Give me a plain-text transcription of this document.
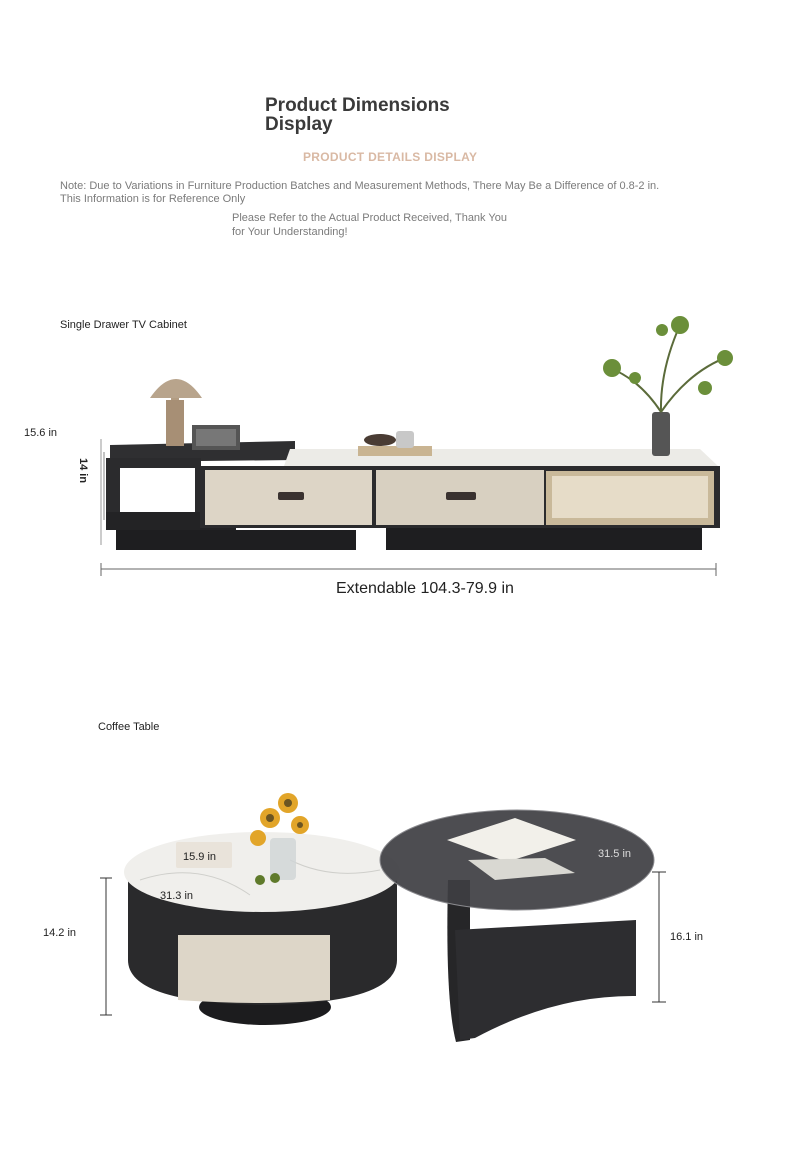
Product Dimensions
Display
PRODUCT DETAILS DISPLAY
Note: Due to Variations in Furniture Production Batches and Measurement Methods, There May Be a Difference of 0.8-2 in.
This Information is for Reference Only
Please Refer to the Actual Product Received, Thank You
for Your Understanding!
Single Drawer TV Cabinet
15.6 in
14 in
Extendable 104.3-79.9 in
Coffee Table
15.9 in
31.3 in
31.5 in
14.2 in	16.1 in
